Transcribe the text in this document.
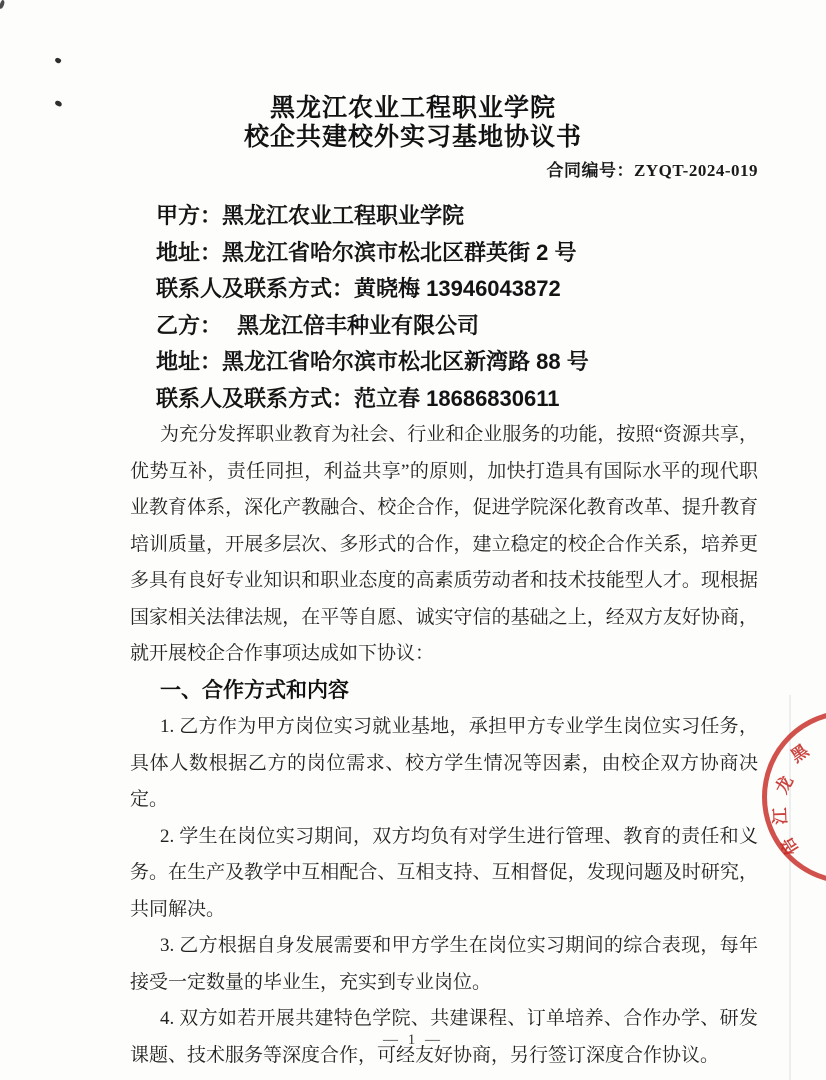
黑龙江农业工程职业学院
校企共建校外实习基地协议书
合同编号：ZYQT-2024-019
甲方：黑龙江农业工程职业学院
地址：黑龙江省哈尔滨市松北区群英街 2 号
联系人及联系方式：黄晓梅 13946043872
乙方： 黑龙江倍丰种业有限公司
地址：黑龙江省哈尔滨市松北区新湾路 88 号
联系人及联系方式：范立春 18686830611

为充分发挥职业教育为社会、行业和企业服务的功能，按照“资源共享，优势互补，责任同担，利益共享”的原则，加快打造具有国际水平的现代职业教育体系，深化产教融合、校企合作，促进学院深化教育改革、提升教育培训质量，开展多层次、多形式的合作，建立稳定的校企合作关系，培养更多具有良好专业知识和职业态度的高素质劳动者和技术技能型人才。现根据国家相关法律法规，在平等自愿、诚实守信的基础之上，经双方友好协商，就开展校企合作事项达成如下协议：

一、合作方式和内容

1. 乙方作为甲方岗位实习就业基地，承担甲方专业学生岗位实习任务，具体人数根据乙方的岗位需求、校方学生情况等因素，由校企双方协商决定。

2. 学生在岗位实习期间，双方均负有对学生进行管理、教育的责任和义务。在生产及教学中互相配合、互相支持、互相督促，发现问题及时研究，共同解决。

3. 乙方根据自身发展需要和甲方学生在岗位实习期间的综合表现，每年接受一定数量的毕业生，充实到专业岗位。

4. 双方如若开展共建特色学院、共建课程、订单培养、合作办学、研发课题、技术服务等深度合作，可经友好协商，另行签订深度合作协议。

— 1 —
黑
龙
江
倍
